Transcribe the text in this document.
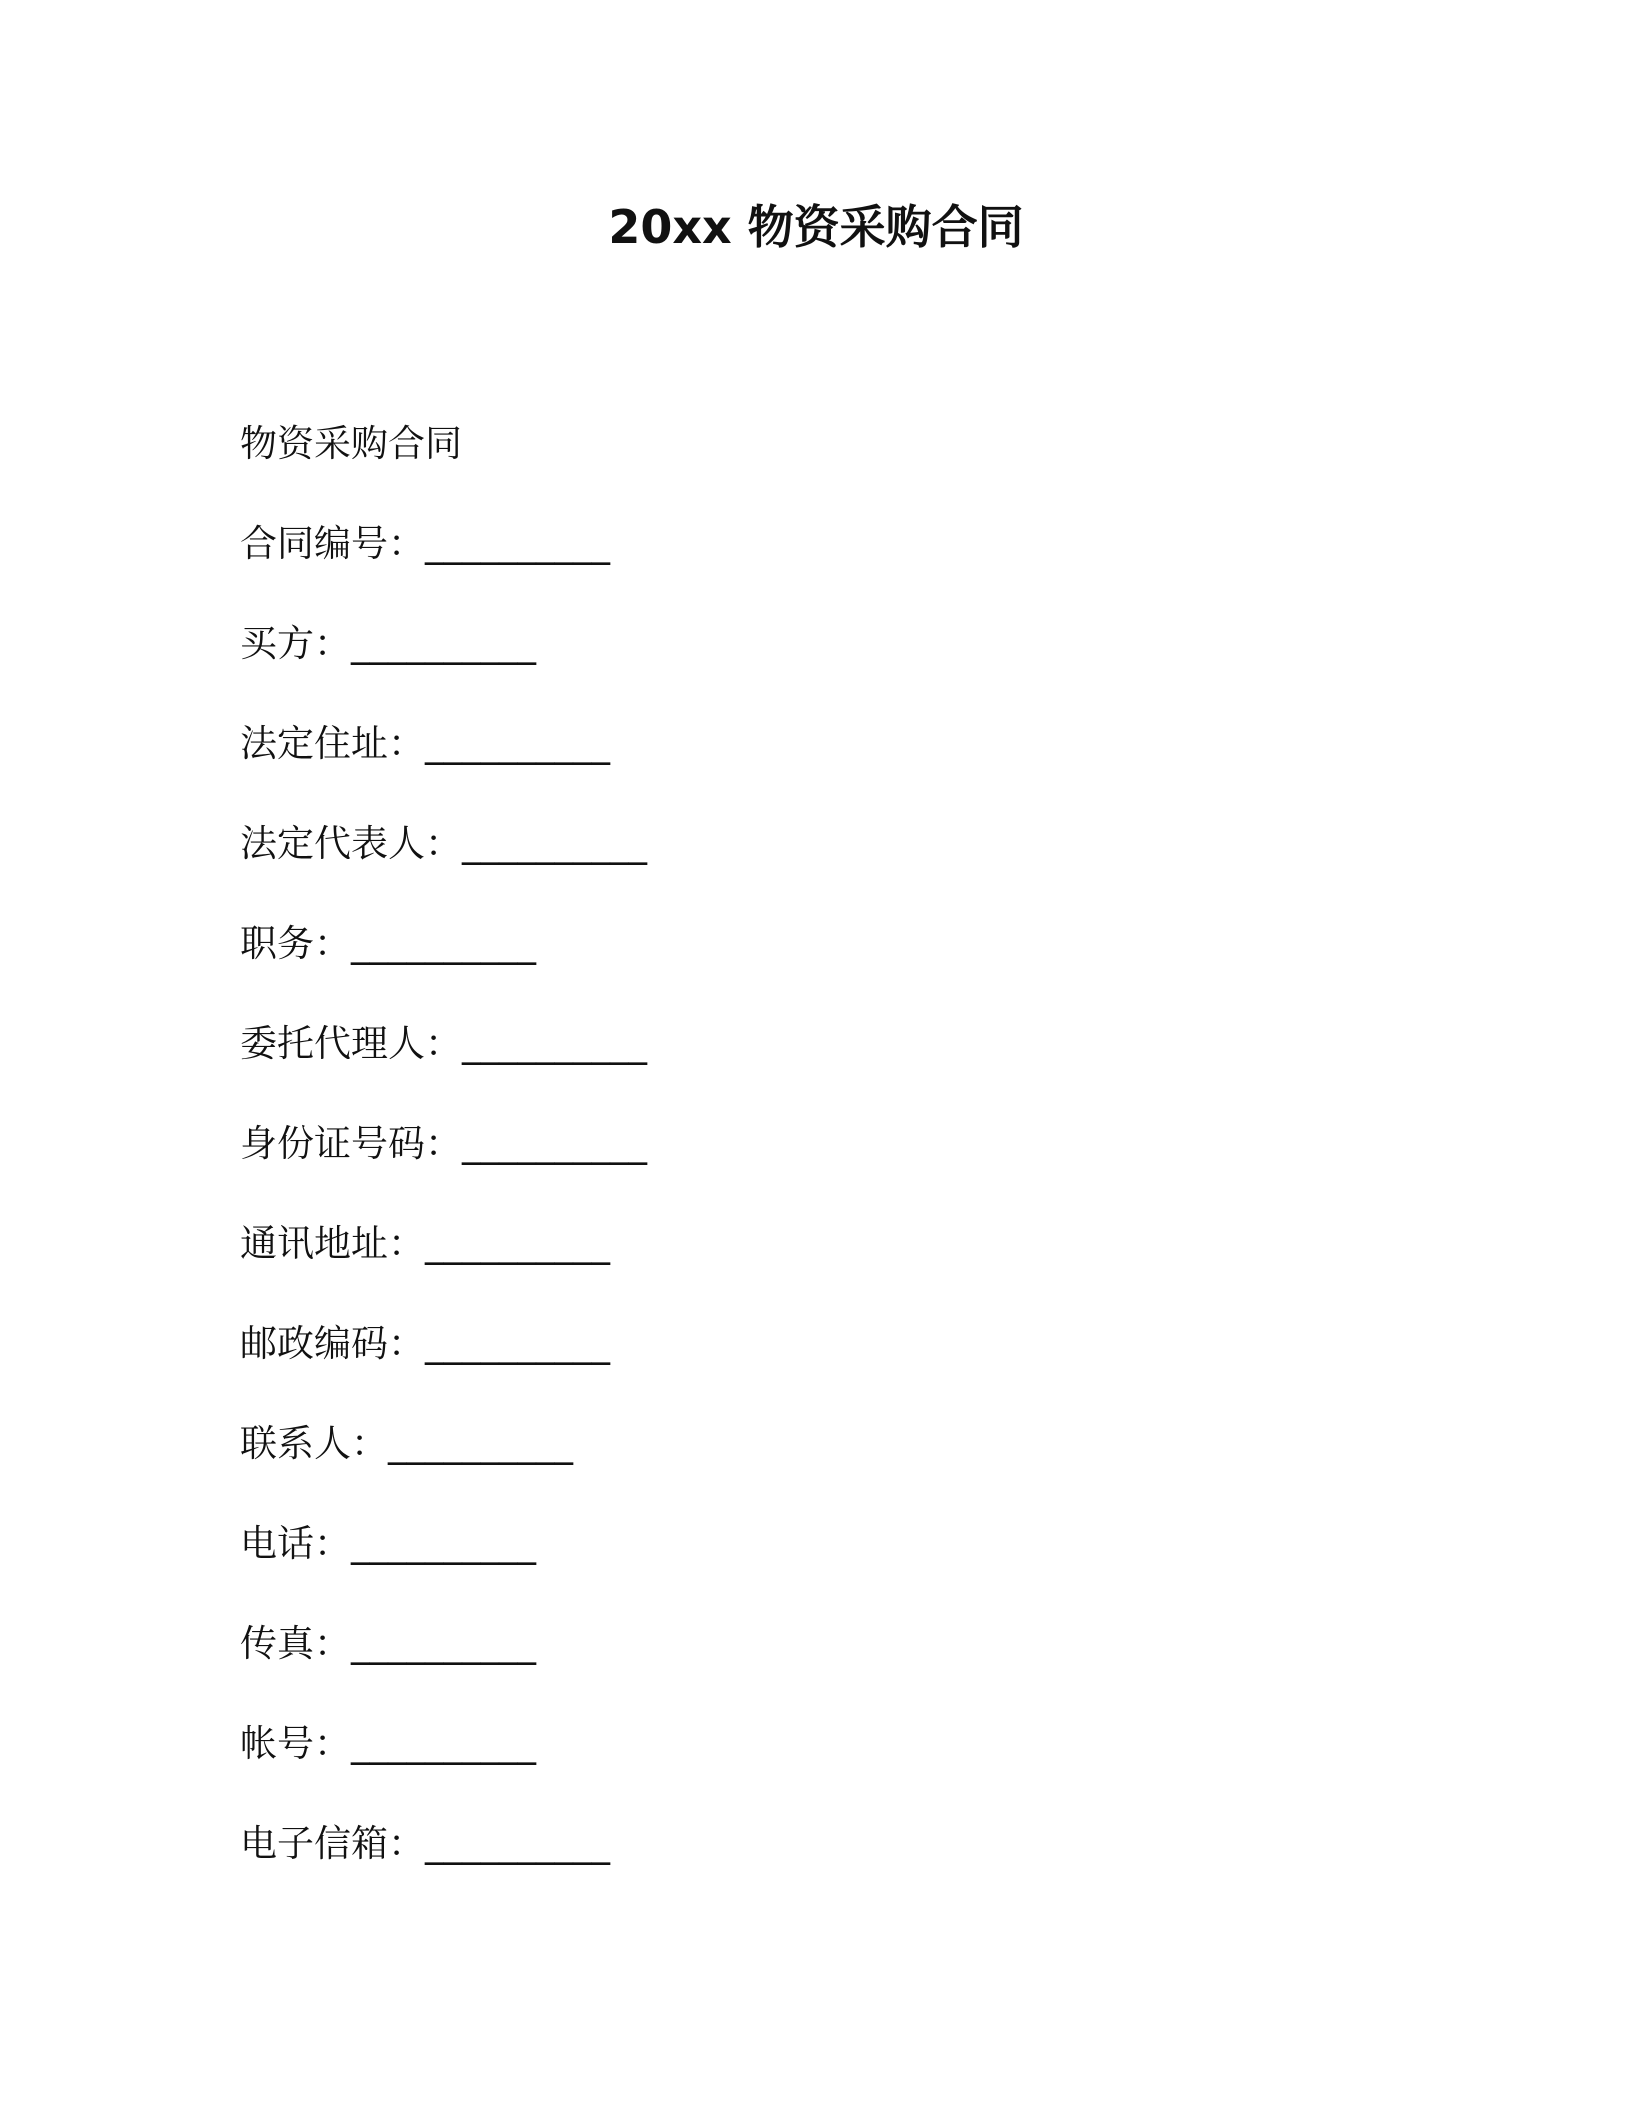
20xx 物资采购合同
物资采购合同
合同编号：__________
买方：__________
法定住址：__________
法定代表人：__________
职务：__________
委托代理人：__________
身份证号码：__________
通讯地址：__________
邮政编码：__________
联系人：__________
电话：__________
传真：__________
帐号：__________
电子信箱：__________
